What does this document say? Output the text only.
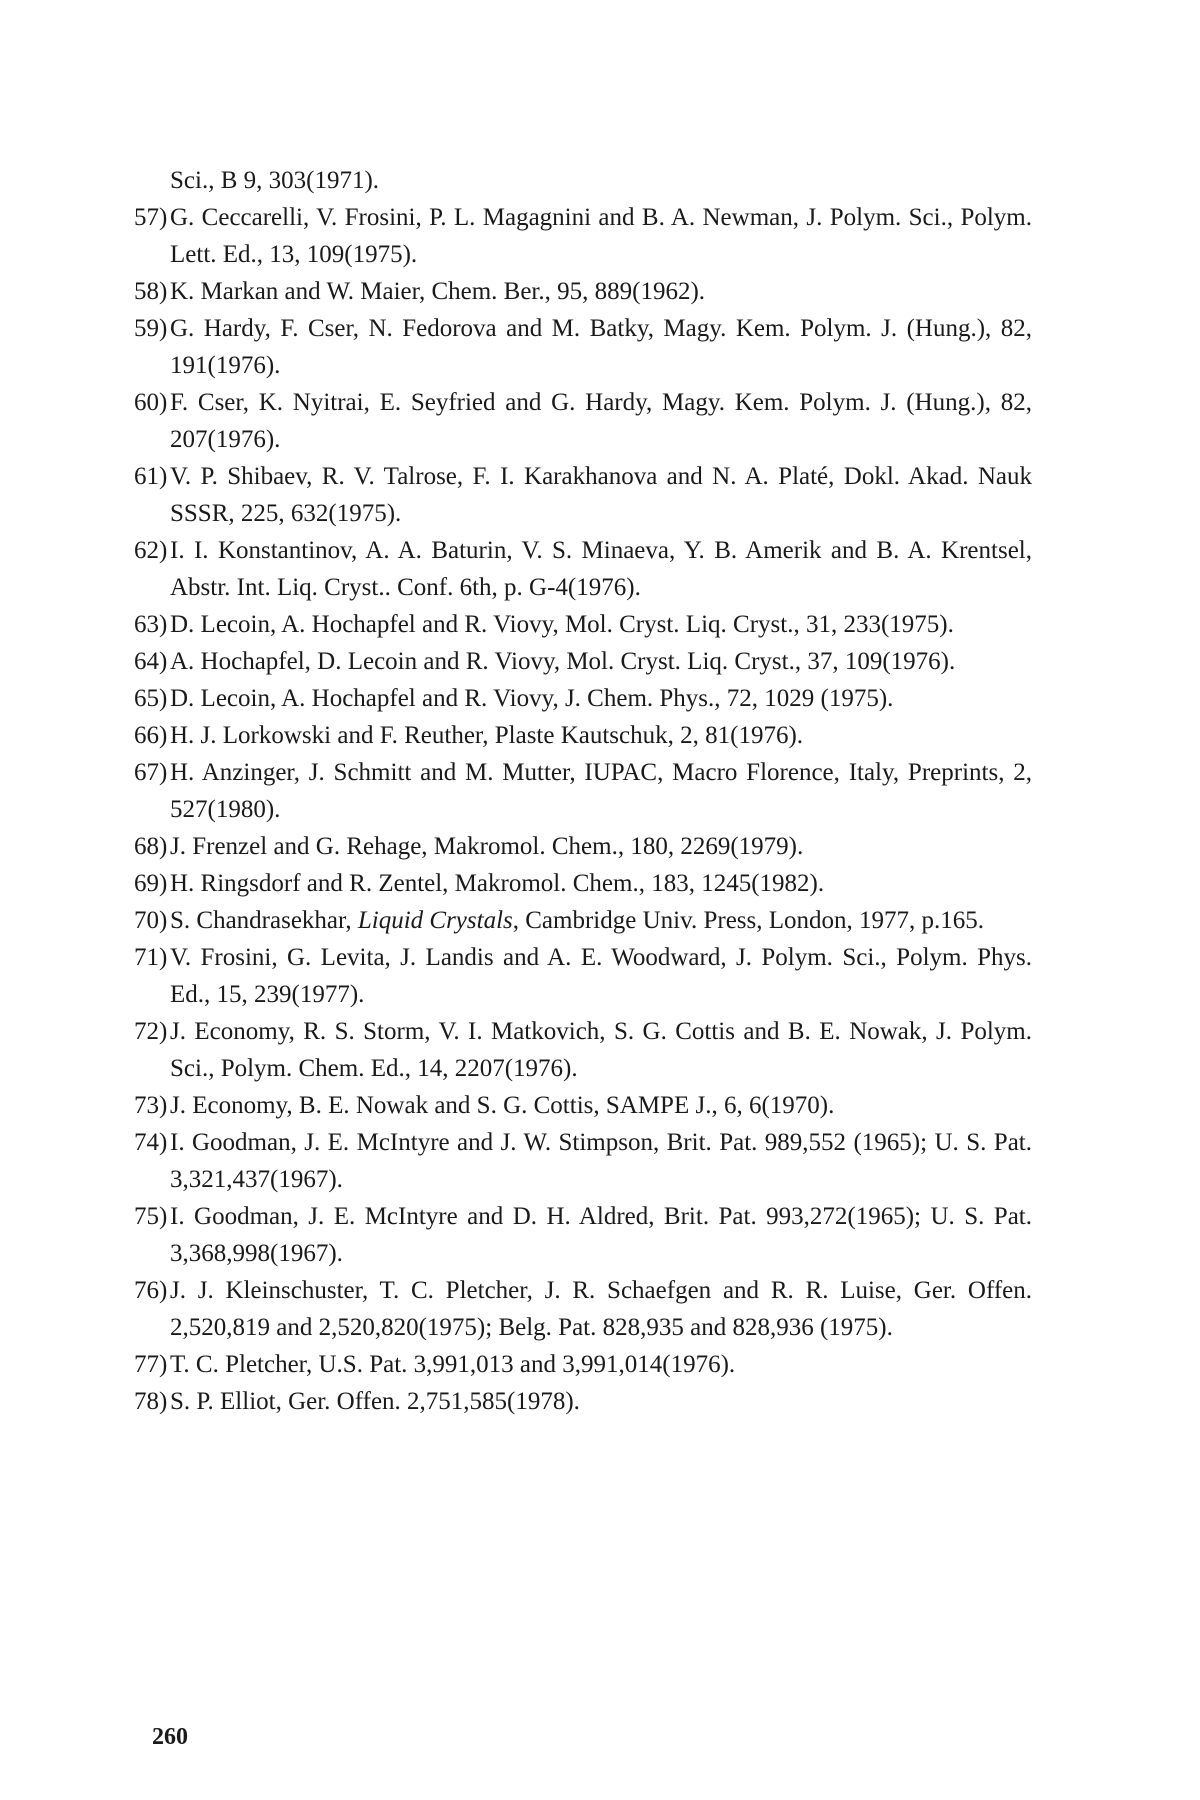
Sci., B 9, 303(1971).
57) G. Ceccarelli, V. Frosini, P. L. Magagnini and B. A. Newman, J. Polym. Sci., Polym. Lett. Ed., 13, 109(1975).
58) K. Markan and W. Maier, Chem. Ber., 95, 889(1962).
59) G. Hardy, F. Cser, N. Fedorova and M. Batky, Magy. Kem. Polym. J. (Hung.), 82, 191(1976).
60) F. Cser, K. Nyitrai, E. Seyfried and G. Hardy, Magy. Kem. Polym. J. (Hung.), 82, 207(1976).
61) V. P. Shibaev, R. V. Talrose, F. I. Karakhanova and N. A. Platé, Dokl. Akad. Nauk SSSR, 225, 632(1975).
62) I. I. Konstantinov, A. A. Baturin, V. S. Minaeva, Y. B. Amerik and B. A. Krentsel, Abstr. Int. Liq. Cryst.. Conf. 6th, p. G-4(1976).
63) D. Lecoin, A. Hochapfel and R. Viovy, Mol. Cryst. Liq. Cryst., 31, 233(1975).
64) A. Hochapfel, D. Lecoin and R. Viovy, Mol. Cryst. Liq. Cryst., 37, 109(1976).
65) D. Lecoin, A. Hochapfel and R. Viovy, J. Chem. Phys., 72, 1029 (1975).
66) H. J. Lorkowski and F. Reuther, Plaste Kautschuk, 2, 81(1976).
67) H. Anzinger, J. Schmitt and M. Mutter, IUPAC, Macro Florence, Italy, Preprints, 2, 527(1980).
68) J. Frenzel and G. Rehage, Makromol. Chem., 180, 2269(1979).
69) H. Ringsdorf and R. Zentel, Makromol. Chem., 183, 1245(1982).
70) S. Chandrasekhar, Liquid Crystals, Cambridge Univ. Press, London, 1977, p.165.
71) V. Frosini, G. Levita, J. Landis and A. E. Woodward, J. Polym. Sci., Polym. Phys. Ed., 15, 239(1977).
72) J. Economy, R. S. Storm, V. I. Matkovich, S. G. Cottis and B. E. Nowak, J. Polym. Sci., Polym. Chem. Ed., 14, 2207(1976).
73) J. Economy, B. E. Nowak and S. G. Cottis, SAMPE J., 6, 6(1970).
74) I. Goodman, J. E. McIntyre and J. W. Stimpson, Brit. Pat. 989,552 (1965); U. S. Pat. 3,321,437(1967).
75) I. Goodman, J. E. McIntyre and D. H. Aldred, Brit. Pat. 993,272(1965); U. S. Pat. 3,368,998(1967).
76) J. J. Kleinschuster, T. C. Pletcher, J. R. Schaefgen and R. R. Luise, Ger. Offen. 2,520,819 and 2,520,820(1975); Belg. Pat. 828,935 and 828,936 (1975).
77) T. C. Pletcher, U.S. Pat. 3,991,013 and 3,991,014(1976).
78) S. P. Elliot, Ger. Offen. 2,751,585(1978).
260
